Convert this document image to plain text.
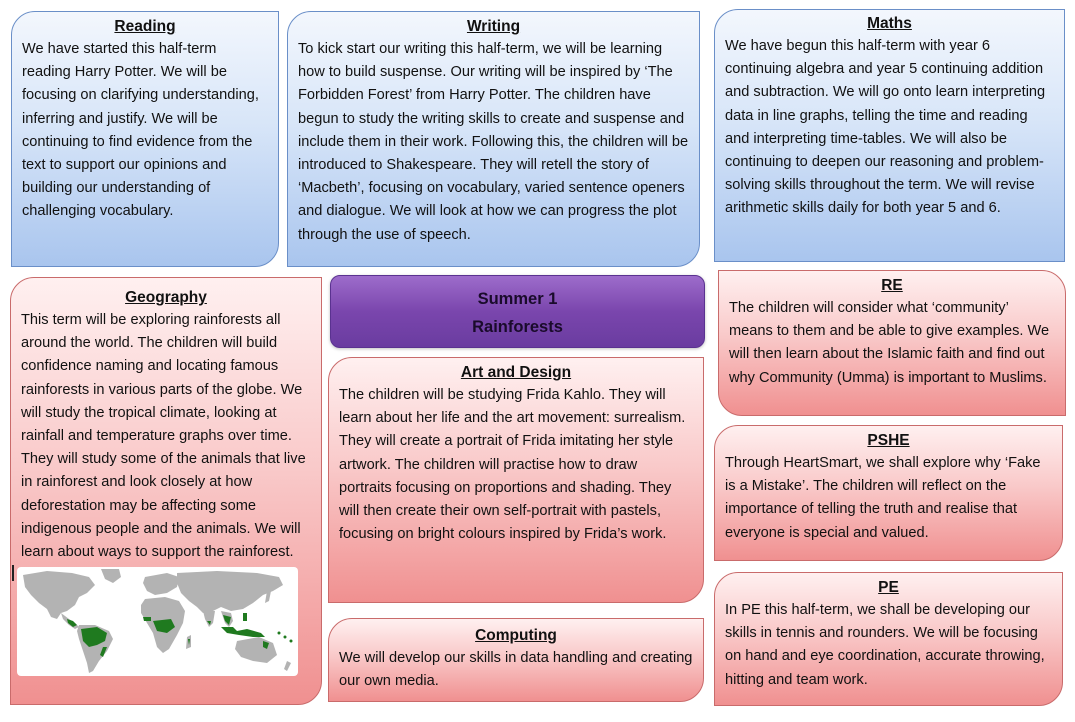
Reading
We have started this half-term reading Harry Potter. We will be focusing on clarifying understanding, inferring and justify. We will be continuing to find evidence from the text to support our opinions and building our understanding of challenging vocabulary.
Writing
To kick start our writing this half-term, we will be learning how to build suspense. Our writing will be inspired by ‘The Forbidden Forest’ from Harry Potter. The children have begun to study the writing skills to create and suspense and include them in their work. Following this, the children will be introduced to Shakespeare. They will retell the story of ‘Macbeth’, focusing on vocabulary, varied sentence openers and dialogue. We will look at how we can progress the plot through the use of speech.
Maths
We have begun this half-term with year 6 continuing algebra and year 5 continuing addition and subtraction. We will go onto learn interpreting data in line graphs, telling the time and reading and interpreting time-tables. We will also be continuing to deepen our reasoning and problem-solving skills throughout the term. We will revise arithmetic skills daily for both year 5 and 6.
Geography
This term will be exploring rainforests all around the world. The children will build confidence naming and locating famous rainforests in various parts of the globe. We will study the tropical climate, looking at rainfall and temperature graphs over time. They will study some of the animals that live in rainforest and look closely at how deforestation may be affecting some indigenous people and the animals. We will learn about ways to support the rainforest.
Summer 1
Rainforests
Art and Design
The children will be studying Frida Kahlo. They will learn about her life and the art movement: surrealism. They will create a portrait of Frida imitating her style artwork. The children will practise how to draw portraits focusing on proportions and shading. They will then create their own self-portrait with pastels, focusing on bright colours inspired by Frida’s work.
Computing
We will develop our skills in data handling and creating our own media.
RE
The children will consider what ‘community’ means to them and be able to give examples. We will then learn about the Islamic faith and find out why Community (Umma) is important to Muslims.
PSHE
Through HeartSmart, we shall explore why ‘Fake is a Mistake’. The children will reflect on the importance of telling the truth and realise that everyone is special and valued.
PE
In PE this half-term, we shall be developing our skills in tennis and rounders. We will be focusing on hand and eye coordination, accurate throwing, hitting and team work.
